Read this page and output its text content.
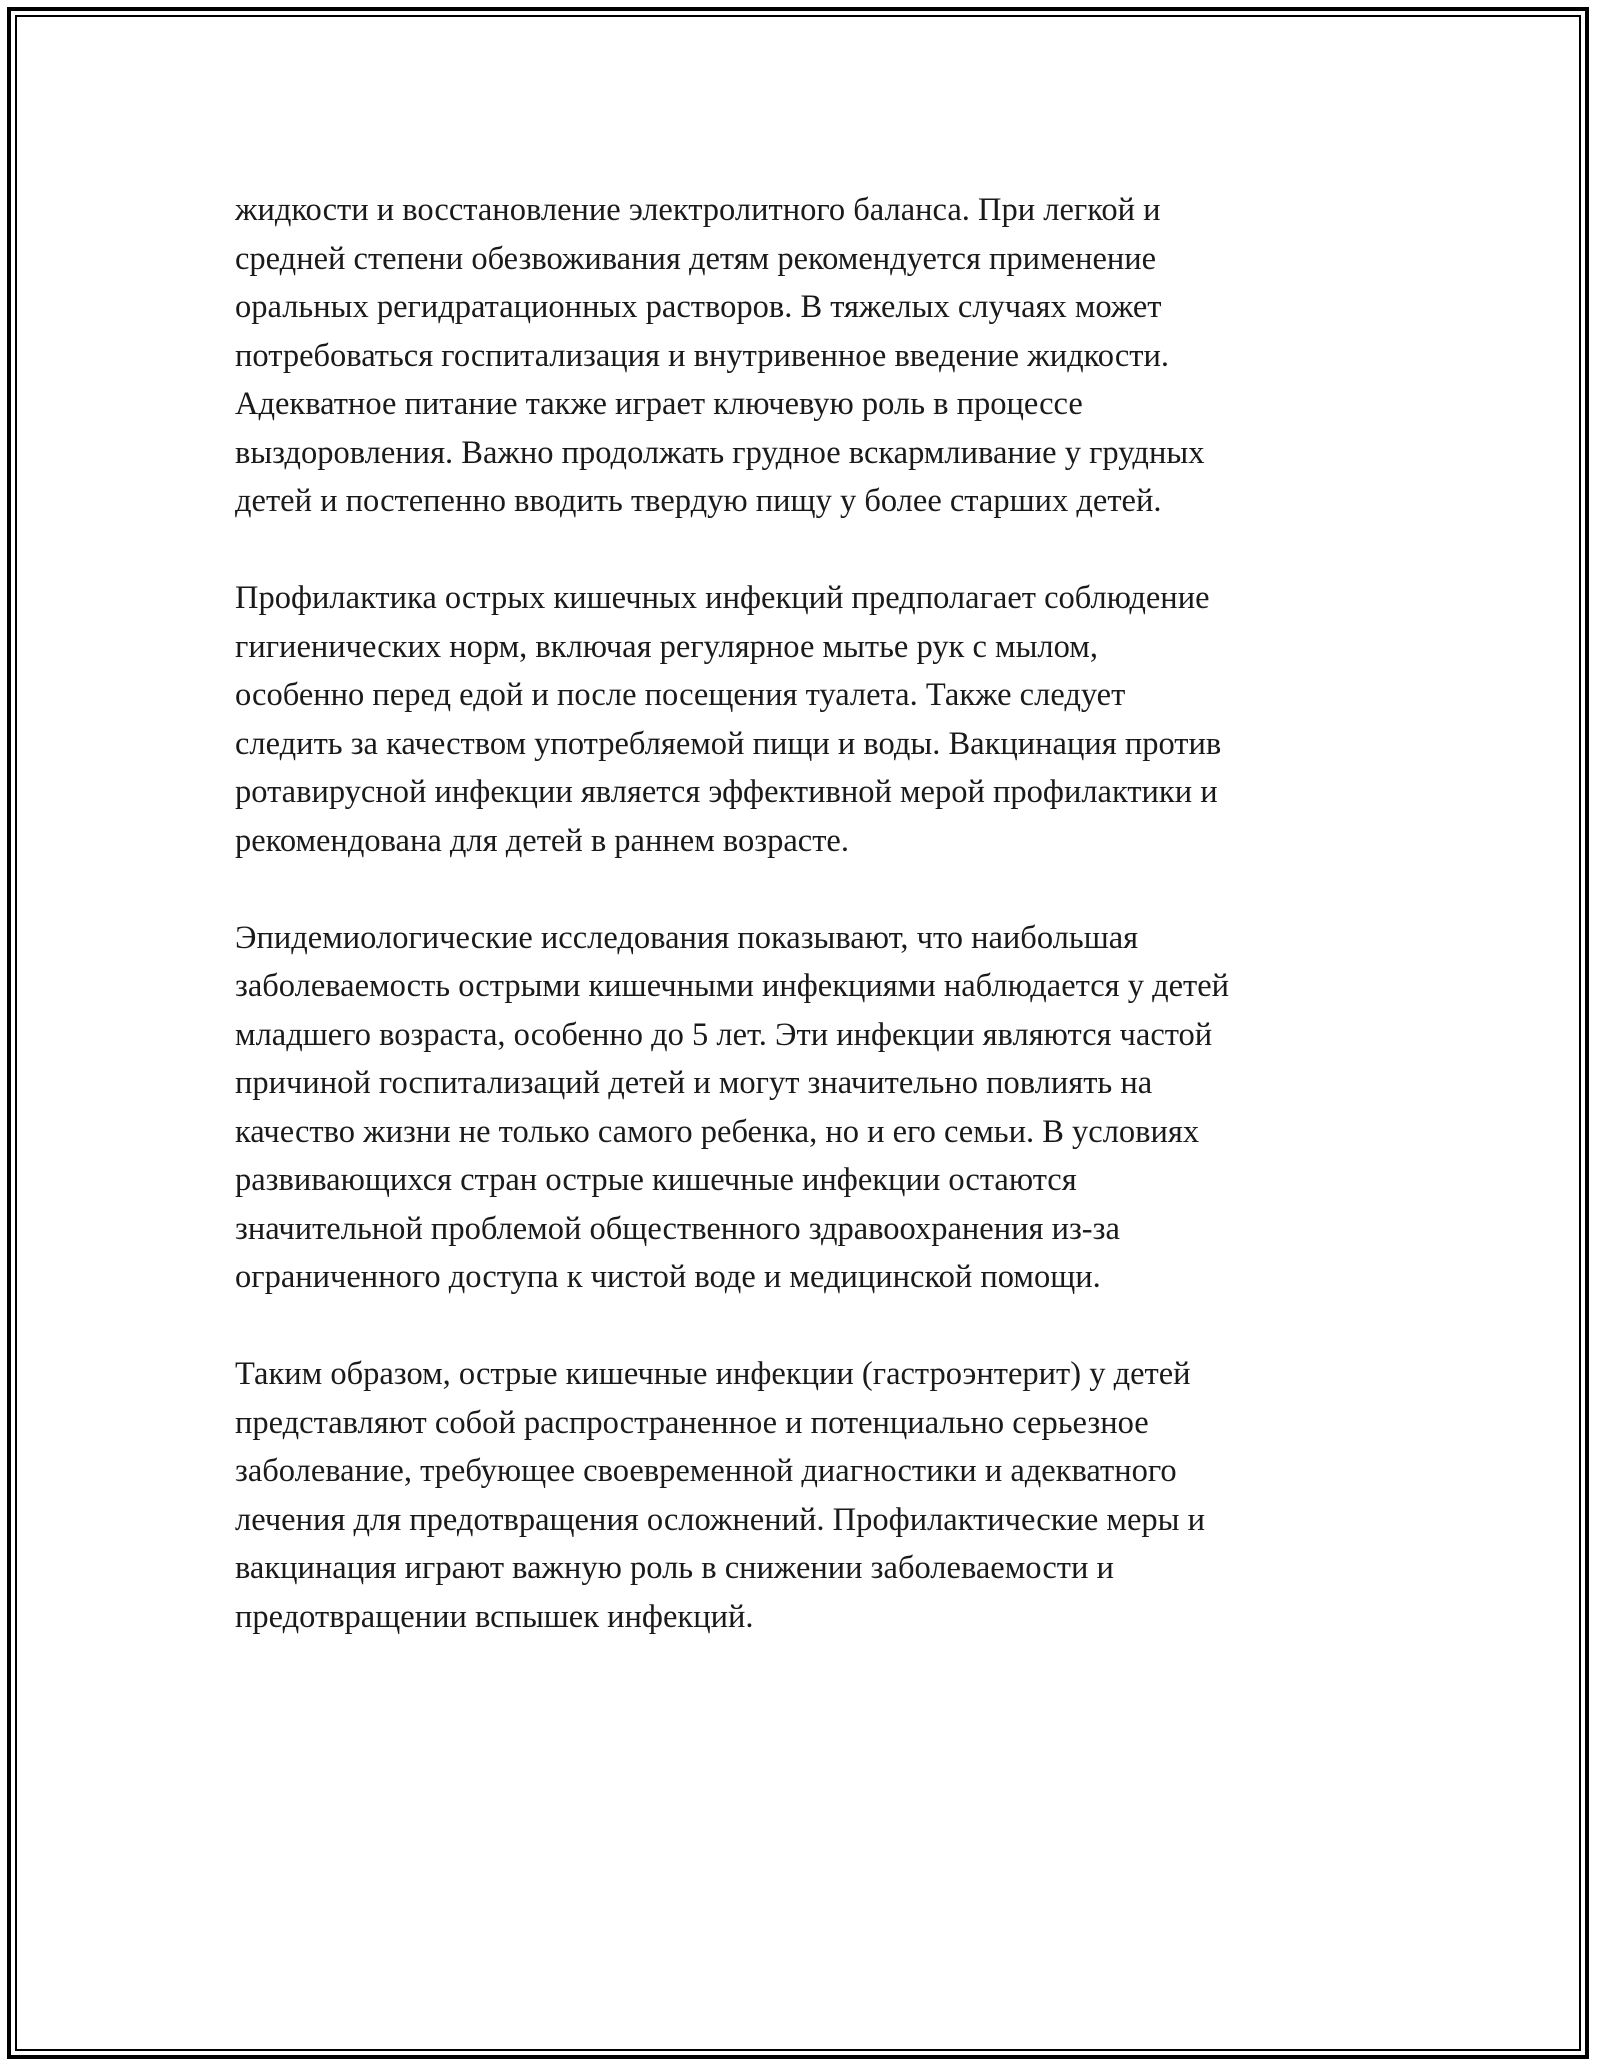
жидкости и восстановление электролитного баланса. При легкой и
средней степени обезвоживания детям рекомендуется применение
оральных регидратационных растворов. В тяжелых случаях может
потребоваться госпитализация и внутривенное введение жидкости.
Адекватное питание также играет ключевую роль в процессе
выздоровления. Важно продолжать грудное вскармливание у грудных
детей и постепенно вводить твердую пищу у более старших детей.

Профилактика острых кишечных инфекций предполагает соблюдение
гигиенических норм, включая регулярное мытье рук с мылом,
особенно перед едой и после посещения туалета. Также следует
следить за качеством употребляемой пищи и воды. Вакцинация против
ротавирусной инфекции является эффективной мерой профилактики и
рекомендована для детей в раннем возрасте.

Эпидемиологические исследования показывают, что наибольшая
заболеваемость острыми кишечными инфекциями наблюдается у детей
младшего возраста, особенно до 5 лет. Эти инфекции являются частой
причиной госпитализаций детей и могут значительно повлиять на
качество жизни не только самого ребенка, но и его семьи. В условиях
развивающихся стран острые кишечные инфекции остаются
значительной проблемой общественного здравоохранения из-за
ограниченного доступа к чистой воде и медицинской помощи.

Таким образом, острые кишечные инфекции (гастроэнтерит) у детей
представляют собой распространенное и потенциально серьезное
заболевание, требующее своевременной диагностики и адекватного
лечения для предотвращения осложнений. Профилактические меры и
вакцинация играют важную роль в снижении заболеваемости и
предотвращении вспышек инфекций.
